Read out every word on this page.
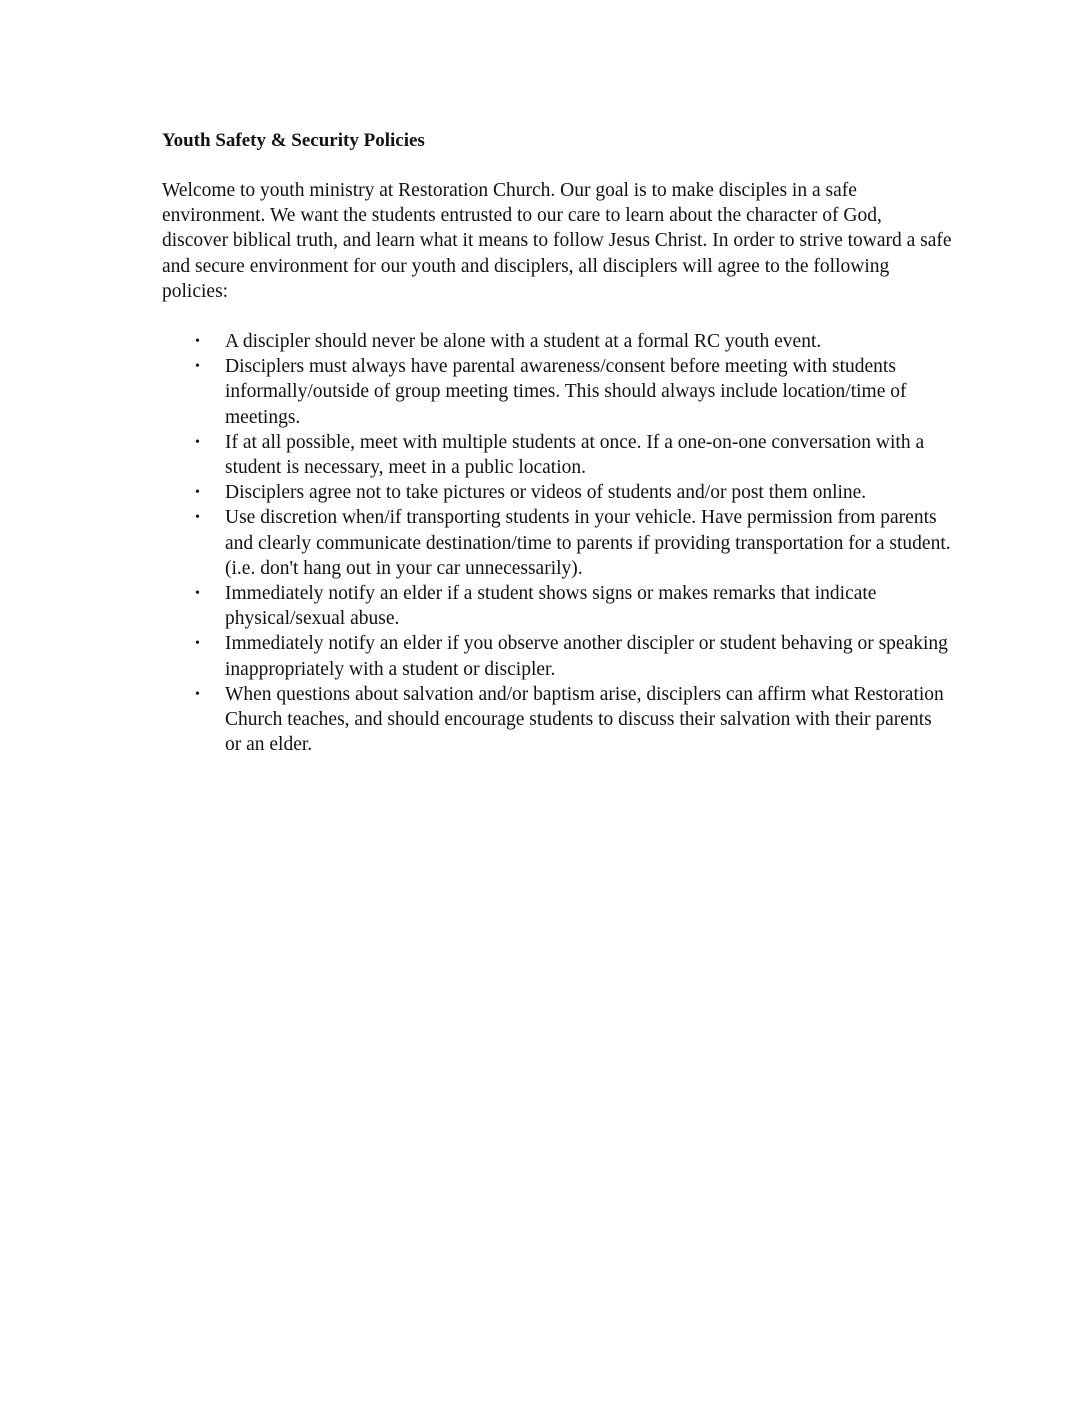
Youth Safety & Security Policies

Welcome to youth ministry at Restoration Church. Our goal is to make disciples in a safe environment. We want the students entrusted to our care to learn about the character of God, discover biblical truth, and learn what it means to follow Jesus Christ. In order to strive toward a safe and secure environment for our youth and disciplers, all disciplers will agree to the following policies:

• A discipler should never be alone with a student at a formal RC youth event.
• Disciplers must always have parental awareness/consent before meeting with students informally/outside of group meeting times. This should always include location/time of meetings.
• If at all possible, meet with multiple students at once. If a one-on-one conversation with a student is necessary, meet in a public location.
• Disciplers agree not to take pictures or videos of students and/or post them online.
• Use discretion when/if transporting students in your vehicle. Have permission from parents and clearly communicate destination/time to parents if providing transportation for a student. (i.e. don't hang out in your car unnecessarily).
• Immediately notify an elder if a student shows signs or makes remarks that indicate physical/sexual abuse.
• Immediately notify an elder if you observe another discipler or student behaving or speaking inappropriately with a student or discipler.
• When questions about salvation and/or baptism arise, disciplers can affirm what Restoration Church teaches, and should encourage students to discuss their salvation with their parents or an elder.
